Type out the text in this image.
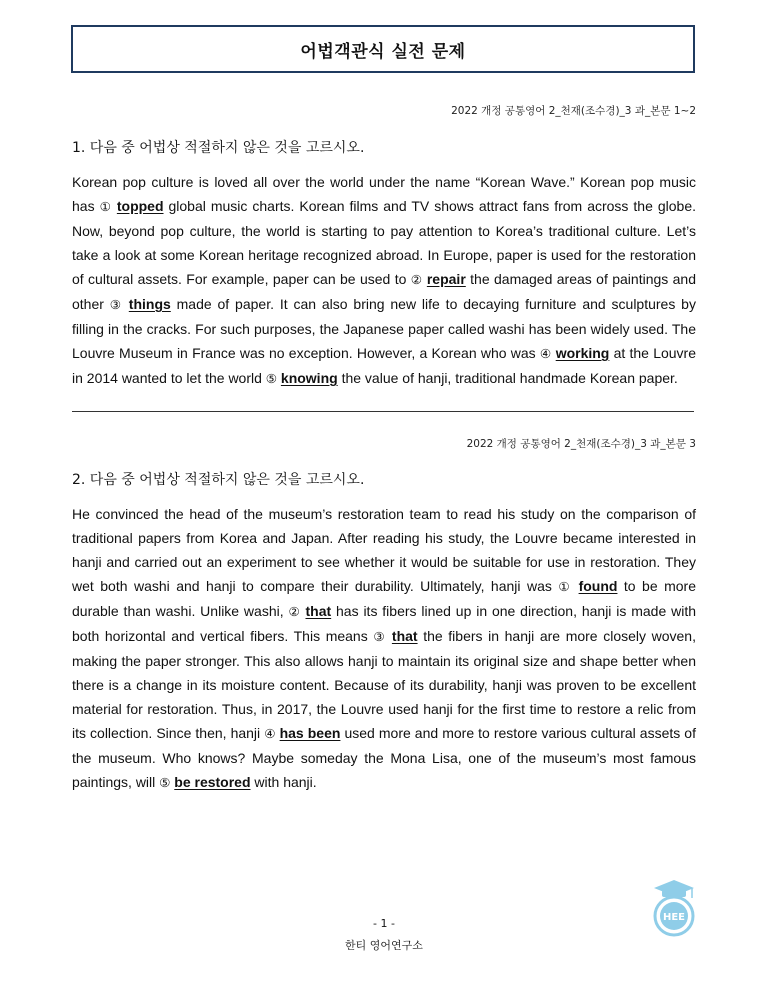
어법객관식 실전 문제
2022 개정 공통영어 2_천재(조수경)_3 과_본문 1~2
1. 다음 중 어법상 적절하지 않은 것을 고르시오.

Korean pop culture is loved all over the world under the name “Korean Wave.” Korean pop music has ① topped global music charts. Korean films and TV shows attract fans from across the globe. Now, beyond pop culture, the world is starting to pay attention to Korea’s traditional culture. Let’s take a look at some Korean heritage recognized abroad. In Europe, paper is used for the restoration of cultural assets. For example, paper can be used to ② repair the damaged areas of paintings and other ③ things made of paper. It can also bring new life to decaying furniture and sculptures by filling in the cracks. For such purposes, the Japanese paper called washi has been widely used. The Louvre Museum in France was no exception. However, a Korean who was ④ working at the Louvre in 2014 wanted to let the world ⑤ knowing the value of hanji, traditional handmade Korean paper.

2022 개정 공통영어 2_천재(조수경)_3 과_본문 3
2. 다음 중 어법상 적절하지 않은 것을 고르시오.

He convinced the head of the museum’s restoration team to read his study on the comparison of traditional papers from Korea and Japan. After reading his study, the Louvre became interested in hanji and carried out an experiment to see whether it would be suitable for use in restoration. They wet both washi and hanji to compare their durability. Ultimately, hanji was ① found to be more durable than washi. Unlike washi, ② that has its fibers lined up in one direction, hanji is made with both horizontal and vertical fibers. This means ③ that the fibers in hanji are more closely woven, making the paper stronger. This also allows hanji to maintain its original size and shape better when there is a change in its moisture content. Because of its durability, hanji was proven to be excellent material for restoration. Thus, in 2017, the Louvre used hanji for the first time to restore a relic from its collection. Since then, hanji ④ has been used more and more to restore various cultural assets of the museum. Who knows? Maybe someday the Mona Lisa, one of the museum’s most famous paintings, will ⑤ be restored with hanji.

HEE
- 1 -
한티 영어연구소
